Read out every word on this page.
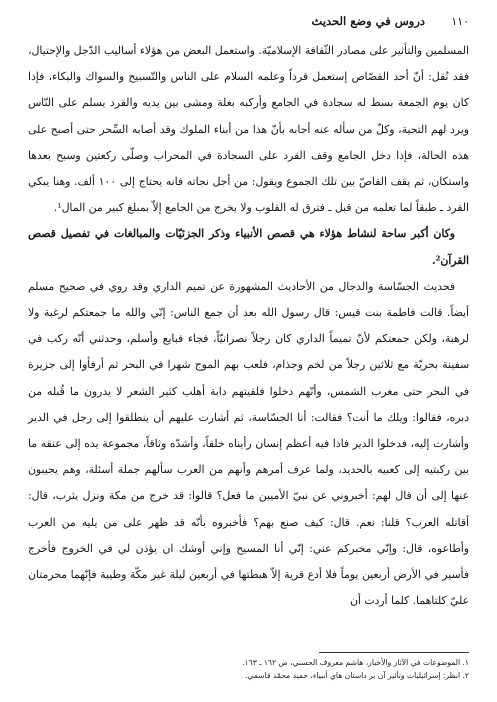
١١٠
دروس في وضع الحديث

المسلمين والتأثير على مصادر الثّقافة الإسلاميّة. واستعمل البعض من هؤلاء أساليب الدّجل والإحتيال، فقد نُقل: أنّ أحد القصّاص إستعمل قرداً وعلمه السلام على الناس والتّسبيح والسواك والبكاء، فإذا كان يوم الجمعة بسط له سجادة في الجامع وأركبه بغلة ومشى بين يديه والقرد يسلم على النّاس ويرد لهم التحية، وكلّ من سأله عنه أجابه بأنّ هذا من أبناء الملوك وقد أصابه السِّحر حتى أصبح على هذه الحالة، فإذا دخل الجامع وقف القرد على السجادة في المحراب وصلّى ركعتين وسبح بعدها واستكان، ثم يقف القاصّ بين تلك الجموع ويقول: من أجل نجاته فانه يحتاج إلى ١٠٠ ألف. وهنا يبكي القرد ـ طبقاً لما تعلمه من قبل ـ فترق له القلوب ولا يخرج من الجامع إلاّ بمبلغ كبير من المال¹.

وكان أكبر ساحة لنشاط هؤلاء هي قصص الأنبياء وذكر الجزئيّات والمبالغات في تفصيل قصص القرآن².

فحديث الجسّاسة والدجال من الأحاديث المشهورة عن تميم الداري وقد روي في صحيح مسلم أيضاً. قالت فاطمة بنت قيس: قال رسول الله بعد أن جمع الناس: إنّي والله ما جمعتكم لرغبة ولا لرهبة، ولكن جمعتكم لأنّ تميماً الداري كان رجلاً نصرانيّاً، فجاء فبايع وأسلم، وحدثني أنّه ركب في سفينة بحريّة مع ثلاثين رجلاً من لخم وجذام، فلعب بهم الموج شهرا في البحر ثم أرفأوا إلى جزيرة في البحر حتى مغرب الشمس، وأنّهم دخلوا فلقيتهم دابة أهلب كثير الشعر لا يدرون ما قُبله من دبره، فقالوا: ويلك ما أنت؟ فقالت: أنا الجسّاسة، ثم أشارت عليهم أن ينطلقوا إلى رجل في الدير وأشارت إليه، فدخلوا الدير فاذا فيه أعظم إنسان رأيناه خلقاً، وأشدّه وثاقاً، مجموعة يده إلى عنقه ما بين ركبتيه إلى كعبيه بالحديد، ولما عرف أمرهم وأنهم من العرب سألهم جملة أسئلة، وهم يجيبون عنها إلى أن قال لهم: أخبروني عن نبيّ الأميين ما فعل؟ قالوا: قد خرج من مكة ونزل يثرب، قال: أقاتله العرب؟ قلنا: نعم. قال: كيف صنع بهم؟ فأخبروه بأنّه قد ظهر على من يليه من العرب وأطاعوه، قال: وإنّي مخبركم عني: إنّي أنا المسيح وإني أوشك ان يؤذن لي في الخروج فأخرج فأسير في الأرض أربعين يوماً فلا أدع قرية إلاّ هبطتها في أربعين ليلة غير مكّة وطيبة فإنّهما محرمتان عليّ كلتاهما. كلما أردت أن

١. الموضوعات في الآثار والأخبار، هاشم معروف الحسني، ص ١٦٢ ـ ١٦٣.

٢. انظر: إسرائيليات وتأثير آن بر داستان هاي أنبياء، حميد محمّد قاسمي.
